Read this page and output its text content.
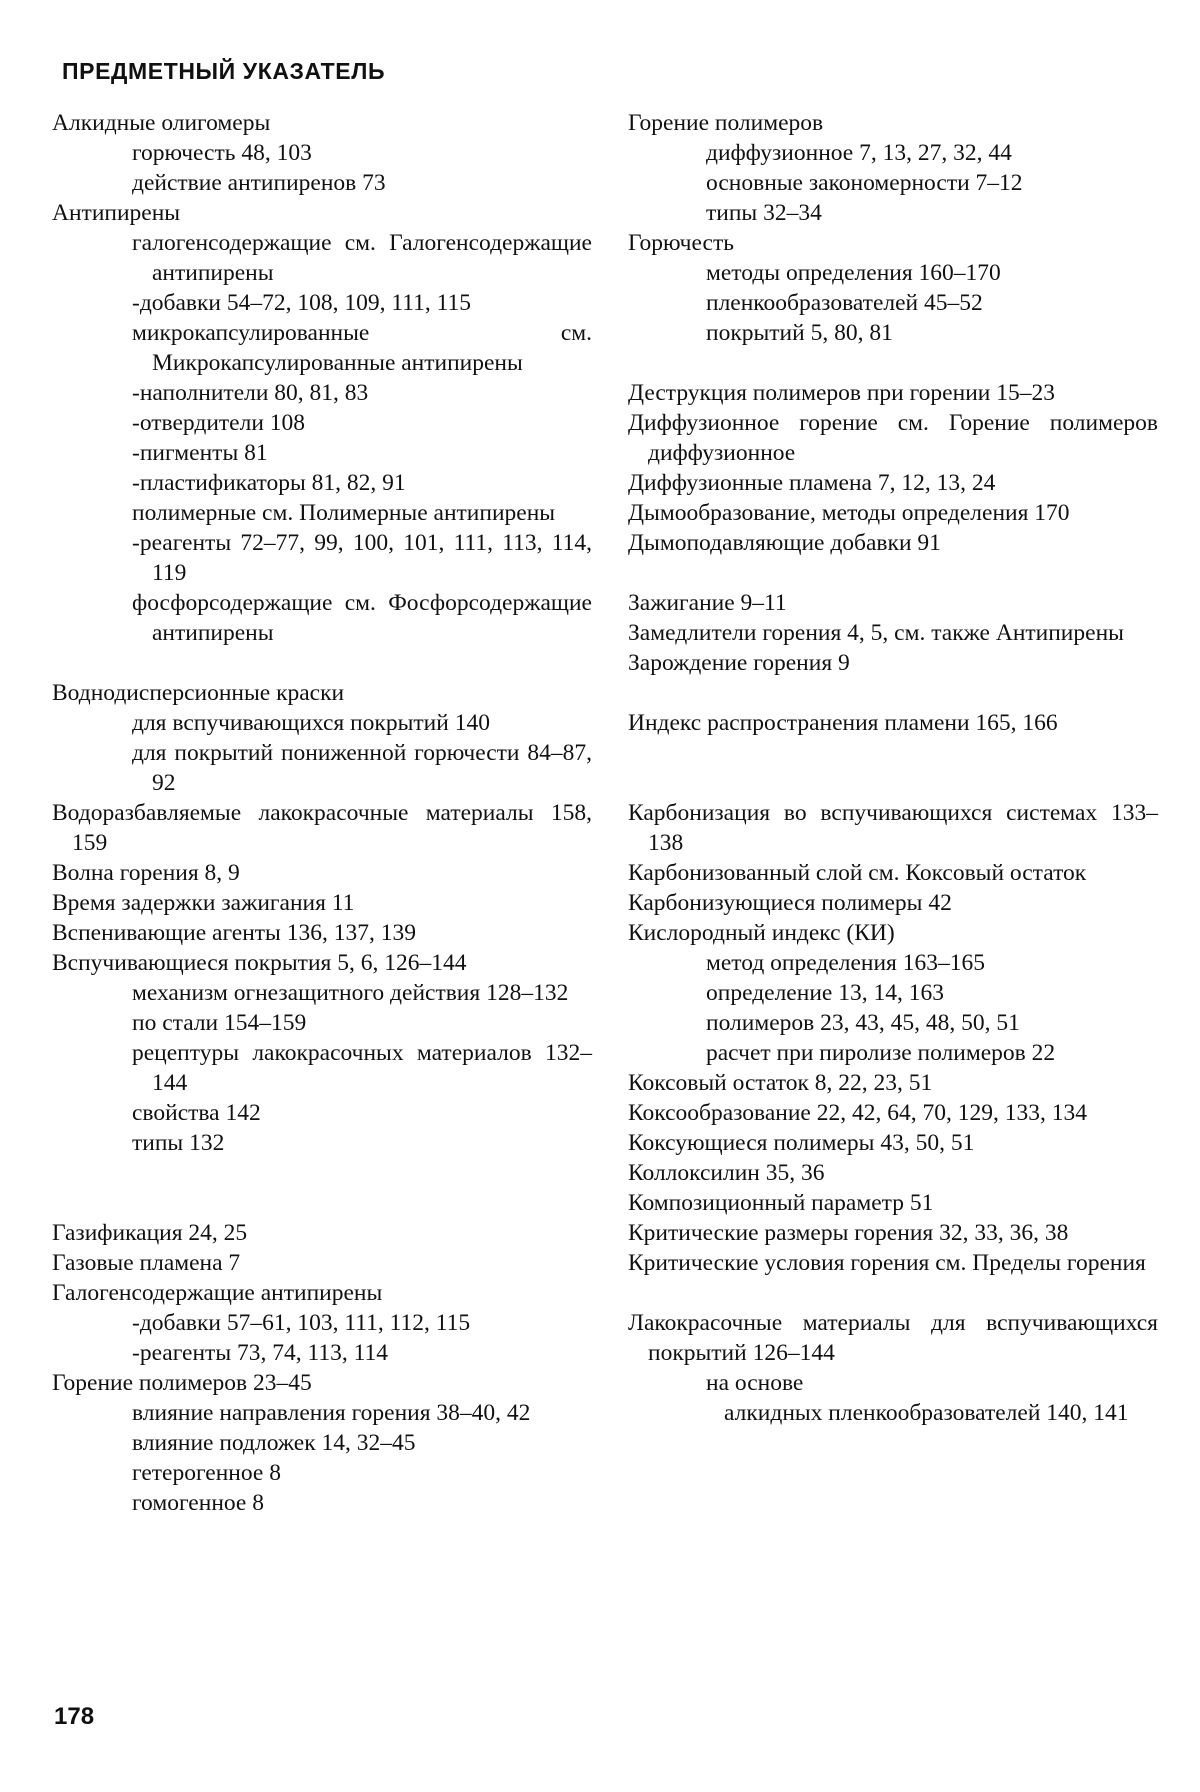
ПРЕДМЕТНЫЙ УКАЗАТЕЛЬ
Алкидные олигомеры
горючесть 48, 103
действие антипиренов 73
Антипирены
галогенсодержащие см. Галогенсодержащие антипирены
-добавки 54–72, 108, 109, 111, 115
микрокапсулированные см. Микрокапсулированные антипирены
-наполнители 80, 81, 83
-отвердители 108
-пигменты 81
-пластификаторы 81, 82, 91
полимерные см. Полимерные антипирены
-реагенты 72–77, 99, 100, 101, 111, 113, 114, 119
фосфорсодержащие см. Фосфорсодержащие антипирены
Воднодисперсионные краски
для вспучивающихся покрытий 140
для покрытий пониженной горючести 84–87, 92
Водоразбавляемые лакокрасочные материалы 158, 159
Волна горения 8, 9
Время задержки зажигания 11
Вспенивающие агенты 136, 137, 139
Вспучивающиеся покрытия 5, 6, 126–144
механизм огнезащитного действия 128–132
по стали 154–159
рецептуры лакокрасочных материалов 132–144
свойства 142
типы 132
Газификация 24, 25
Газовые пламена 7
Галогенсодержащие антипирены
-добавки 57–61, 103, 111, 112, 115
-реагенты 73, 74, 113, 114
Горение полимеров 23–45
влияние направления горения 38–40, 42
влияние подложек 14, 32–45
гетерогенное 8
гомогенное 8
Горение полимеров
диффузионное 7, 13, 27, 32, 44
основные закономерности 7–12
типы 32–34
Горючесть
методы определения 160–170
пленкообразователей 45–52
покрытий 5, 80, 81
Деструкция полимеров при горении 15–23
Диффузионное горение см. Горение полимеров диффузионное
Диффузионные пламена 7, 12, 13, 24
Дымообразование, методы определения 170
Дымоподавляющие добавки 91
Зажигание 9–11
Замедлители горения 4, 5, см. также Антипирены
Зарождение горения 9
Индекс распространения пламени 165, 166
Карбонизация во вспучивающихся системах 133–138
Карбонизованный слой см. Коксовый остаток
Карбонизующиеся полимеры 42
Кислородный индекс (КИ)
метод определения 163–165
определение 13, 14, 163
полимеров 23, 43, 45, 48, 50, 51
расчет при пиролизе полимеров 22
Коксовый остаток 8, 22, 23, 51
Коксообразование 22, 42, 64, 70, 129, 133, 134
Коксующиеся полимеры 43, 50, 51
Коллоксилин 35, 36
Композиционный параметр 51
Критические размеры горения 32, 33, 36, 38
Критические условия горения см. Пределы горения
Лакокрасочные материалы для вспучивающихся покрытий 126–144
на основе
алкидных пленкообразователей 140, 141
178
